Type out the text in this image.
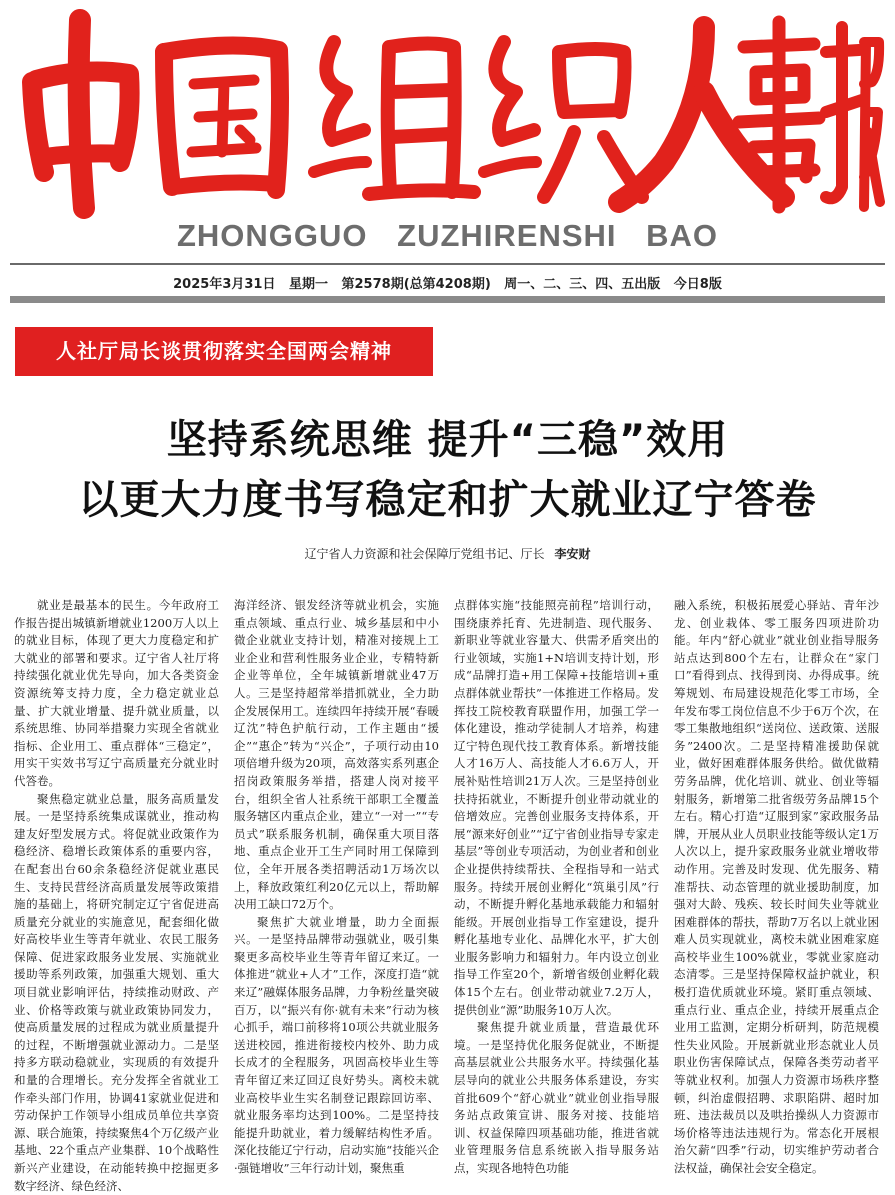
ZHONGGUO ZUZHIRENSHI BAO
2025年3月31日 星期一 第2578期(总第4208期) 周一、二、三、四、五出版 今日8版
人社厅局长谈贯彻落实全国两会精神
坚持系统思维 提升“三稳”效用
以更大力度书写稳定和扩大就业辽宁答卷
辽宁省人力资源和社会保障厅党组书记、厅长 李安财

就业是最基本的民生。今年政府工作报告提出城镇新增就业1200万人以上的就业目标，体现了更大力度稳定和扩大就业的部署和要求。辽宁省人社厅将持续强化就业优先导向，加大各类资金资源统筹支持力度，全力稳定就业总量、扩大就业增量、提升就业质量，以系统思维、协同举措聚力实现全省就业指标、企业用工、重点群体“三稳定”，用实干实效书写辽宁高质量充分就业时代答卷。

聚焦稳定就业总量，服务高质量发展。一是坚持系统集成谋就业，推动构建友好型发展方式。将促就业政策作为稳经济、稳增长政策体系的重要内容，在配套出台60余条稳经济促就业惠民生、支持民营经济高质量发展等政策措施的基础上，将研究制定辽宁省促进高质量充分就业的实施意见，配套细化做好高校毕业生等青年就业、农民工服务保障、促进家政服务业发展、实施就业援助等系列政策，加强重大规划、重大项目就业影响评估，持续推动财政、产业、价格等政策与就业政策协同发力，使高质量发展的过程成为就业质量提升的过程，不断增强就业源动力。二是坚持多方联动稳就业，实现质的有效提升和量的合理增长。充分发挥全省就业工作牵头部门作用，协调41家就业促进和劳动保护工作领导小组成员单位共享资源、联合施策，持续聚焦4个万亿级产业基地、22个重点产业集群、10个战略性新兴产业建设，在动能转换中挖掘更多数字经济、绿色经济、

海洋经济、银发经济等就业机会，实施重点领域、重点行业、城乡基层和中小微企业就业支持计划，精准对接规上工业企业和营利性服务业企业，专精特新企业等单位，全年城镇新增就业47万人。三是坚持超常举措抓就业，全力助企发展保用工。连续四年持续开展“春暖辽沈”特色护航行动，工作主题由“援企”“惠企”转为“兴企”，子项行动由10项倍增升级为20项，高效落实系列惠企招岗政策服务举措，搭建人岗对接平台，组织全省人社系统干部职工全覆盖服务辖区内重点企业，建立“一对一”“专员式”联系服务机制，确保重大项目落地、重点企业开工生产同时用工保障到位，全年开展各类招聘活动1万场次以上，释放政策红利20亿元以上，帮助解决用工缺口72万个。

聚焦扩大就业增量，助力全面振兴。一是坚持品牌带动强就业，吸引集聚更多高校毕业生等青年留辽来辽。一体推进“就业+人才”工作，深度打造“就来辽”融媒体服务品牌，力争粉丝量突破百万，以“振兴有你·就有未来”行动为核心抓手，端口前移将10项公共就业服务送进校园，推进衔接校内校外、助力成长成才的全程服务，巩固高校毕业生等青年留辽来辽回辽良好势头。离校未就业高校毕业生实名制登记跟踪回访率、就业服务率均达到100%。二是坚持技能提升助就业，着力缓解结构性矛盾。深化技能辽宁行动，启动实施“技能兴企·强链增收”三年行动计划，聚焦重

点群体实施“技能照亮前程”培训行动，围绕康养托育、先进制造、现代服务、新职业等就业容量大、供需矛盾突出的行业领域，实施1+N培训支持计划，形成“品牌打造+用工保障+技能培训+重点群体就业帮扶”一体推进工作格局。发挥技工院校教育联盟作用，加强工学一体化建设，推动学徒制人才培养，构建辽宁特色现代技工教育体系。新增技能人才16万人、高技能人才6.6万人，开展补贴性培训21万人次。三是坚持创业扶持拓就业，不断提升创业带动就业的倍增效应。完善创业服务支持体系，开展“源来好创业”“辽宁省创业指导专家走基层”等创业专项活动，为创业者和创业企业提供持续帮扶、全程指导和一站式服务。持续开展创业孵化“筑巢引凤”行动，不断提升孵化基地承载能力和辐射能级。开展创业指导工作室建设，提升孵化基地专业化、品牌化水平，扩大创业服务影响力和辐射力。年内设立创业指导工作室20个，新增省级创业孵化载体15个左右。创业带动就业7.2万人，提供创业“源”助服务10万人次。

聚焦提升就业质量，营造最优环境。一是坚持优化服务促就业，不断提高基层就业公共服务水平。持续强化基层导向的就业公共服务体系建设，夯实首批609个“舒心就业”就业创业指导服务站点政策宣讲、服务对接、技能培训、权益保障四项基础功能，推进省就业管理服务信息系统嵌入指导服务站点，实现各地特色功能

融入系统，积极拓展爱心驿站、青年沙龙、创业栽体、零工服务四项进阶功能。年内“舒心就业”就业创业指导服务站点达到800个左右，让群众在“家门口”看得到点、找得到岗、办得成事。统筹规划、布局建设规范化零工市场，全年发布零工岗位信息不少于6万个次，在零工集散地组织“送岗位、送政策、送服务”2400次。二是坚持精准援助保就业，做好困难群体服务供给。做优做精劳务品牌，优化培训、就业、创业等辐射服务，新增第二批省级劳务品牌15个左右。精心打造“辽服到家”家政服务品牌，开展从业人员职业技能等级认定1万人次以上，提升家政服务业就业增收带动作用。完善及时发现、优先服务、精准帮扶、动态管理的就业援助制度，加强对大龄、残疾、较长时间失业等就业困难群体的帮扶，帮助7万名以上就业困难人员实现就业，离校未就业困难家庭高校毕业生100%就业，零就业家庭动态清零。三是坚持保障权益护就业，积极打造优质就业环境。紧盯重点领域、重点行业、重点企业，持续开展重点企业用工监测，定期分析研判，防范规模性失业风险。开展新就业形态就业人员职业伤害保障试点，保障各类劳动者平等就业权利。加强人力资源市场秩序整顿，纠治虚假招聘、求职陷阱、超时加班、违法裁员以及哄抬操纵人力资源市场价格等违法违规行为。常态化开展根治欠薪“四季”行动，切实维护劳动者合法权益，确保社会安全稳定。
